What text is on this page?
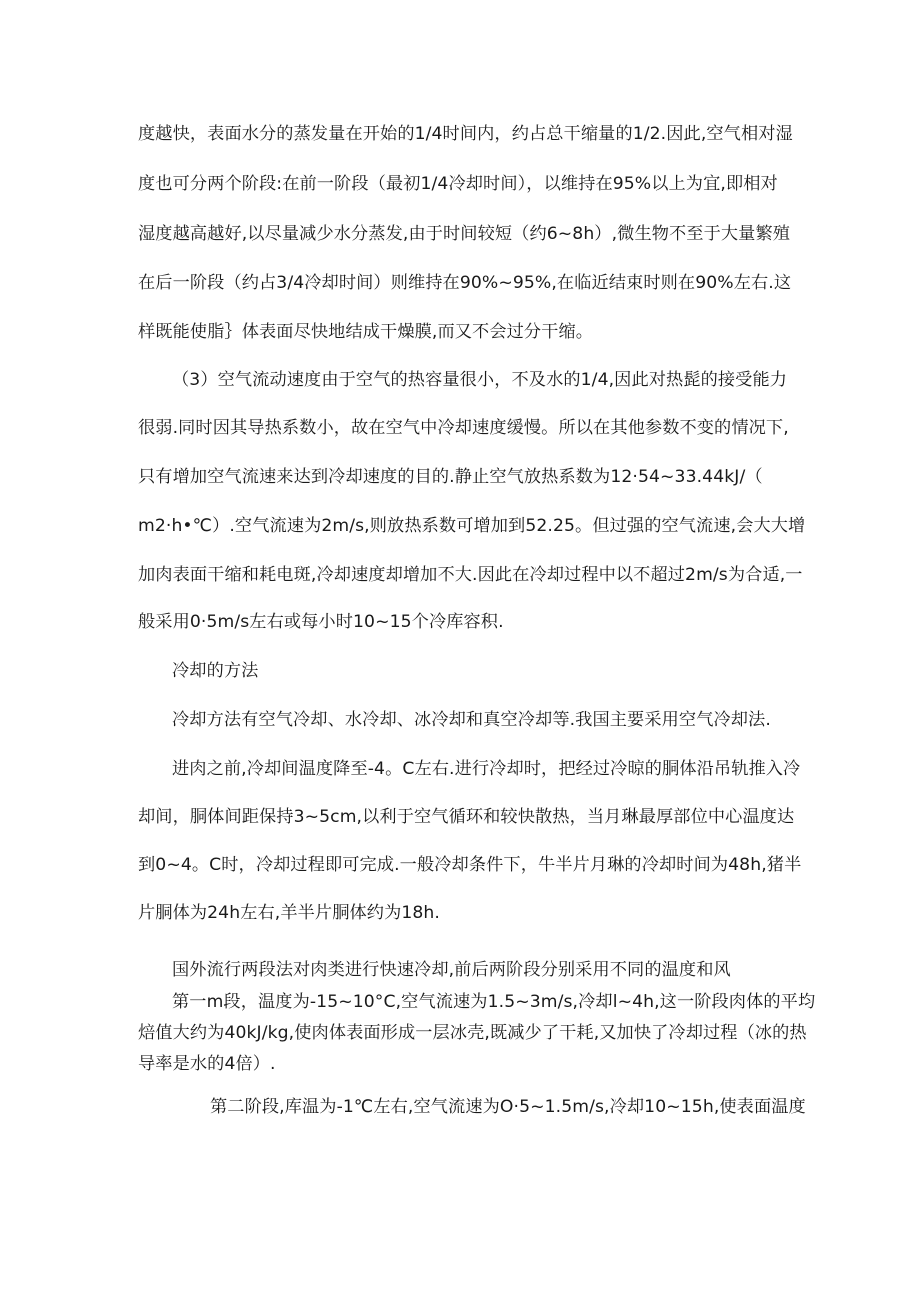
度越快，表面水分的蒸发量在开始的1/4时间内，约占总干缩量的1/2.因此,空气相对湿

度也可分两个阶段:在前一阶段（最初1/4冷却时间），以维持在95%以上为宜,即相对

湿度越高越好,以尽量减少水分蒸发,由于时间较短（约6~8h）,微生物不至于大量繁殖

在后一阶段（约占3/4冷却时间）则维持在90%~95%,在临近结束时则在90%左右.这

样既能使脂｝体表面尽快地结成干燥膜,而又不会过分干缩。

（3）空气流动速度由于空气的热容量很小，不及水的1/4,因此对热髭的接受能力

很弱.同时因其导热系数小，故在空气中冷却速度缓慢。所以在其他参数不变的情况下,

只有增加空气流速来达到冷却速度的目的.静止空气放热系数为12·54~33.44kJ∕（

m2·h•℃）.空气流速为2m∕s,则放热系数可增加到52.25。但过强的空气流速,会大大增

加肉表面干缩和耗电斑,冷却速度却增加不大.因此在冷却过程中以不超过2m∕s为合适,一

般采用0·5m∕s左右或每小时10~15个冷库容积.

冷却的方法

冷却方法有空气冷却、水冷却、冰冷却和真空冷却等.我国主要采用空气冷却法.

进肉之前,冷却间温度降至-4。C左右.进行冷却时，把经过冷晾的胴体沿吊轨推入冷

却间，胴体间距保持3~5cm,以利于空气循环和较快散热，当月琳最厚部位中心温度达

到0~4。C时，冷却过程即可完成.一般冷却条件下，牛半片月琳的冷却时间为48h,猪半

片胴体为24h左右,羊半片胴体约为18h.

国外流行两段法对肉类进行快速冷却,前后两阶段分别采用不同的温度和风

第一m段，温度为-15~10°C,空气流速为1.5~3m∕s,冷却l~4h,这一阶段肉体的平均

焙值大约为40kJ∕kg,使肉体表面形成一层冰壳,既减少了干耗,又加快了冷却过程（冰的热

导率是水的4倍）.

第二阶段,库温为-1℃左右,空气流速为O·5~1.5m∕s,冷却10~15h,使表面温度
